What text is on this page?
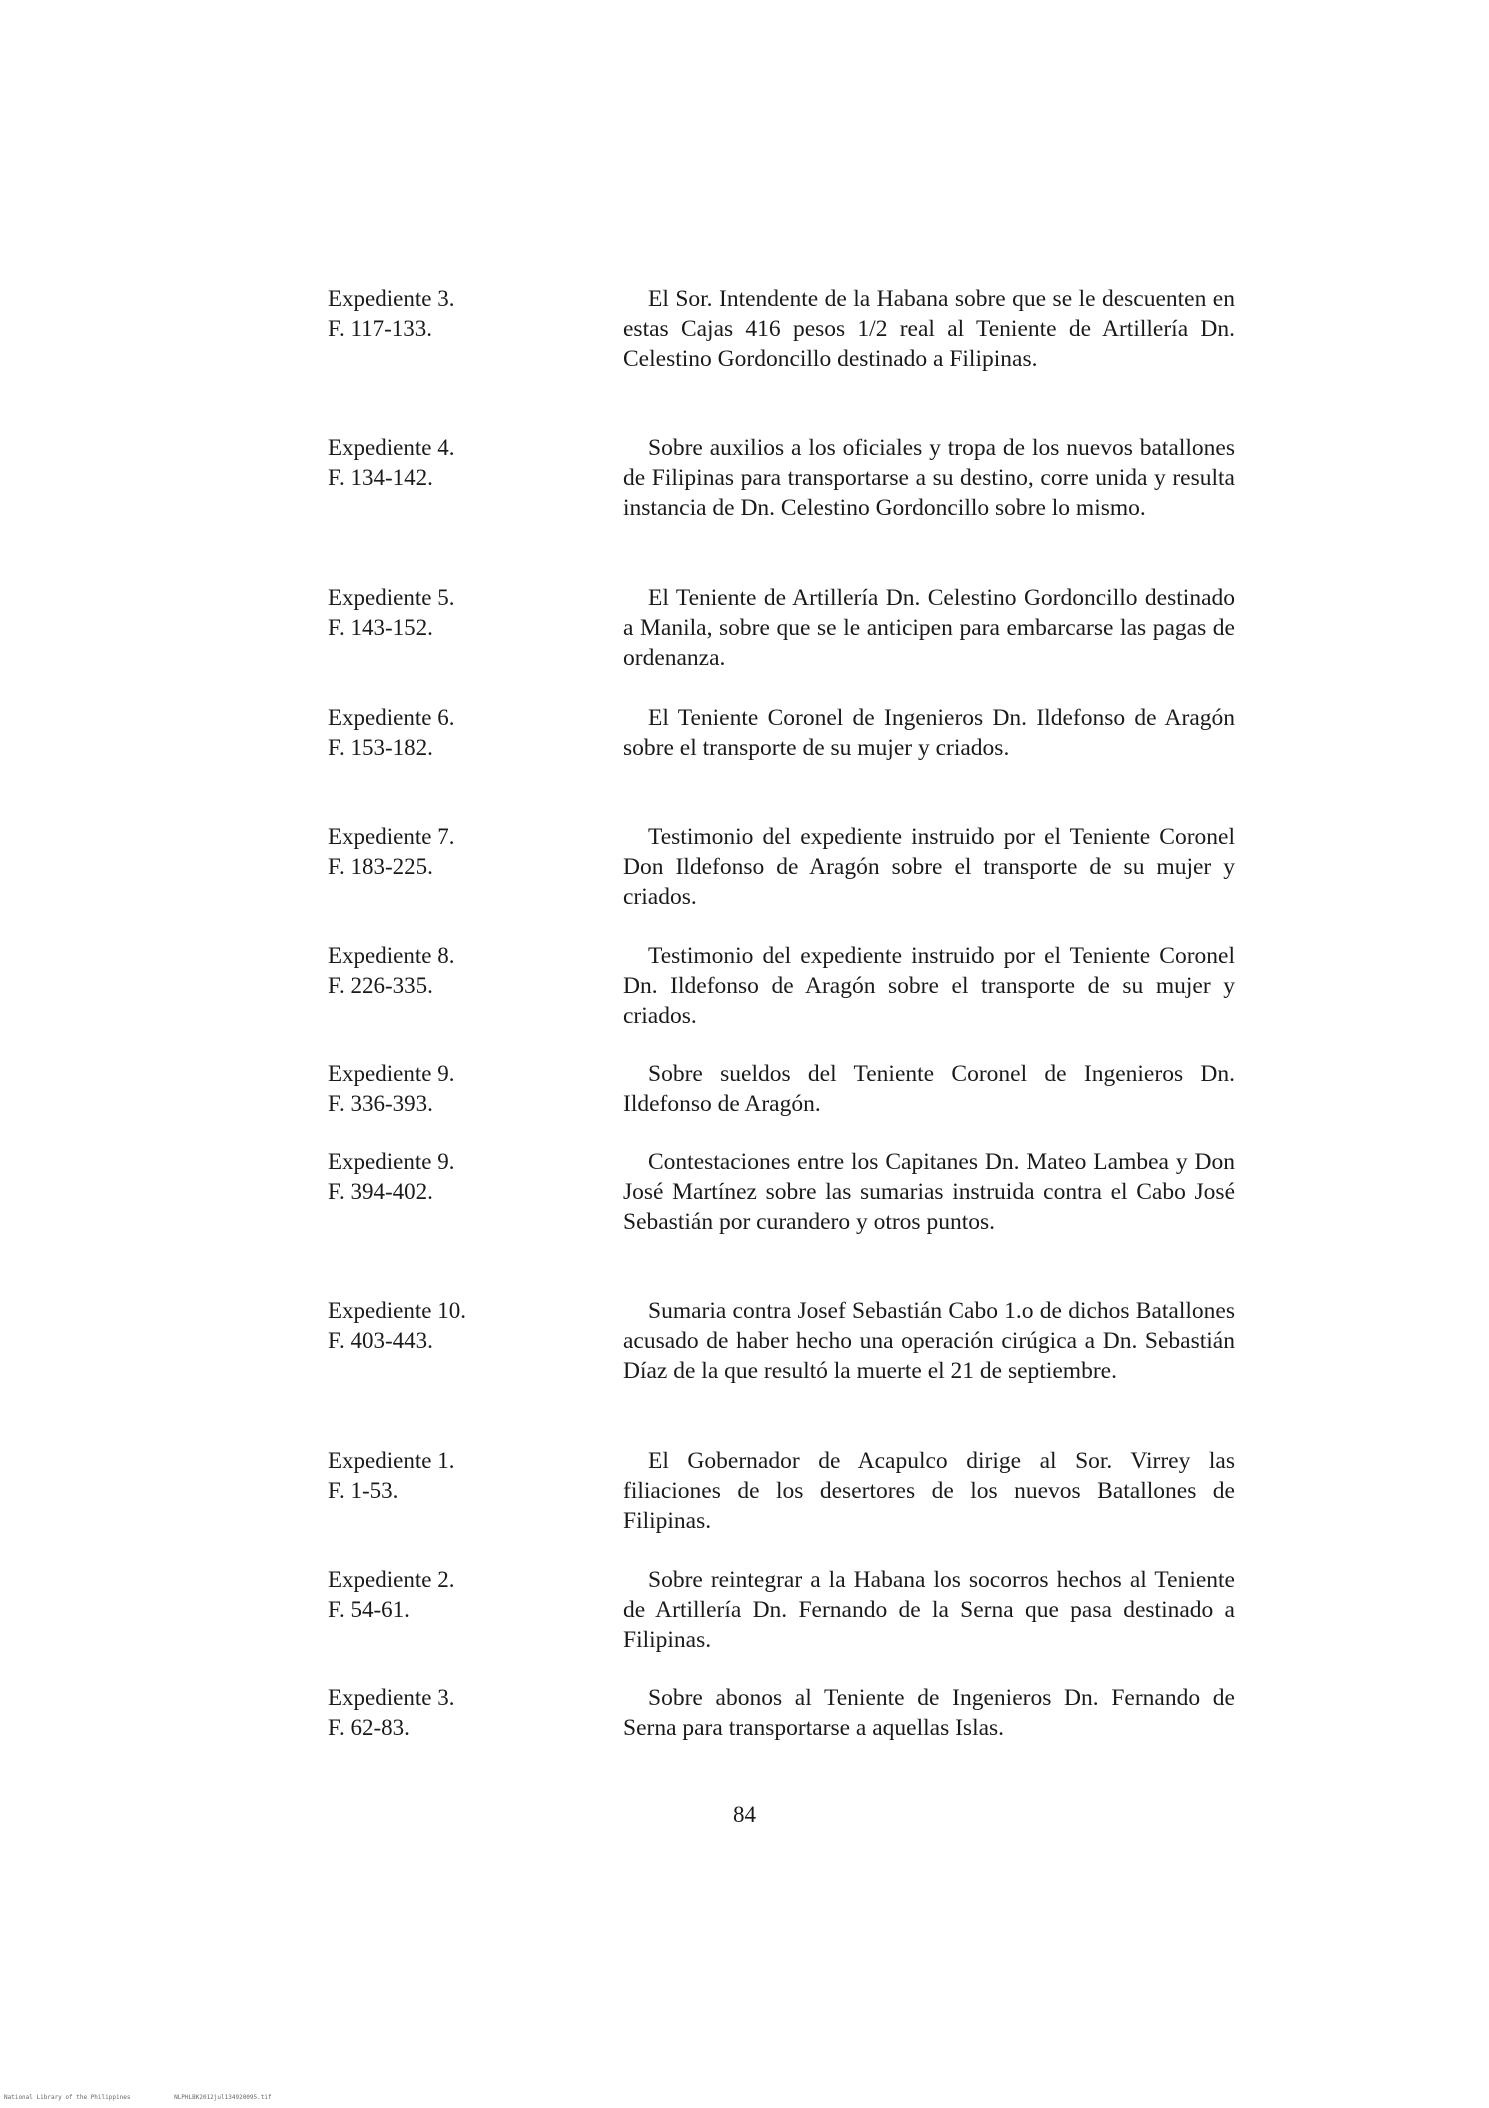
Expediente 3.
F. 117-133.
El Sor. Intendente de la Habana sobre que se le descuenten en estas Cajas 416 pesos 1/2 real al Teniente de Artillería Dn. Celestino Gordoncillo destinado a Filipinas.
Expediente 4.
F. 134-142.
Sobre auxilios a los oficiales y tropa de los nuevos batallones de Filipinas para transportarse a su destino, corre unida y resulta instancia de Dn. Celestino Gordoncillo sobre lo mismo.
Expediente 5.
F. 143-152.
El Teniente de Artillería Dn. Celestino Gordoncillo destinado a Manila, sobre que se le anticipen para embarcarse las pagas de ordenanza.
Expediente 6.
F. 153-182.
El Teniente Coronel de Ingenieros Dn. Ildefonso de Aragón sobre el transporte de su mujer y criados.
Expediente 7.
F. 183-225.
Testimonio del expediente instruido por el Teniente Coronel Don Ildefonso de Aragón sobre el transporte de su mujer y criados.
Expediente 8.
F. 226-335.
Testimonio del expediente instruido por el Teniente Coronel Dn. Ildefonso de Aragón sobre el transporte de su mujer y criados.
Expediente 9.
F. 336-393.
Sobre sueldos del Teniente Coronel de Ingenieros Dn. Ildefonso de Aragón.
Expediente 9.
F. 394-402.
Contestaciones entre los Capitanes Dn. Mateo Lambea y Don José Martínez sobre las sumarias instruida contra el Cabo José Sebastián por curandero y otros puntos.
Expediente 10.
F. 403-443.
Sumaria contra Josef Sebastián Cabo 1.o de dichos Batallones acusado de haber hecho una operación cirúgica a Dn. Sebastián Díaz de la que resultó la muerte el 21 de septiembre.
Expediente 1.
F. 1-53.
El Gobernador de Acapulco dirige al Sor. Virrey las filiaciones de los desertores de los nuevos Batallones de Filipinas.
Expediente 2.
F. 54-61.
Sobre reintegrar a la Habana los socorros hechos al Teniente de Artillería Dn. Fernando de la Serna que pasa destinado a Filipinas.
Expediente 3.
F. 62-83.
Sobre abonos al Teniente de Ingenieros Dn. Fernando de Serna para transportarse a aquellas Islas.
84
National Library of the Philippines	NLPHLBK2012jul134920095.tif
